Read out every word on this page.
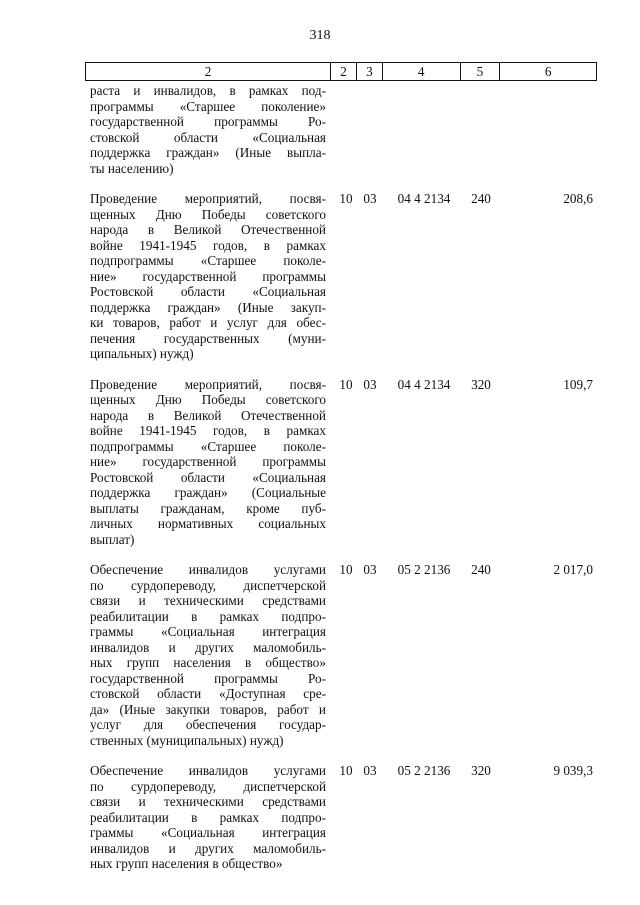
318
2	2	3	4	5	6
раста и инвалидов, в рамках под-
программы «Старшее поколение»
государственной программы Ро-
стовской области «Социальная
поддержка граждан» (Иные выпла-
ты населению)
Проведение мероприятий, посвя-
щенных Дню Победы советского
народа в Великой Отечественной
войне 1941-1945 годов, в рамках
подпрограммы «Старшее поколе-
ние» государственной программы
Ростовской области «Социальная
поддержка граждан» (Иные закуп-
ки товаров, работ и услуг для обес-
печения государственных (муни-
ципальных) нужд)
10 03	04 4 2134	240	208,6
Проведение мероприятий, посвя-
щенных Дню Победы советского
народа в Великой Отечественной
войне 1941-1945 годов, в рамках
подпрограммы «Старшее поколе-
ние» государственной программы
Ростовской области «Социальная
поддержка граждан» (Социальные
выплаты гражданам, кроме пуб-
личных нормативных социальных
выплат)
10 03	04 4 2134	320	109,7
Обеспечение инвалидов услугами
по сурдопереводу, диспетчерской
связи и техническими средствами
реабилитации в рамках подпро-
граммы «Социальная интеграция
инвалидов и других маломобиль-
ных групп населения в общество»
государственной программы Ро-
стовской области «Доступная сре-
да» (Иные закупки товаров, работ и
услуг для обеспечения государ-
ственных (муниципальных) нужд)
10 03	05 2 2136	240	2 017,0
Обеспечение инвалидов услугами
по сурдопереводу, диспетчерской
связи и техническими средствами
реабилитации в рамках подпро-
граммы «Социальная интеграция
инвалидов и других маломобиль-
ных групп населения в общество»
10 03	05 2 2136	320	9 039,3
